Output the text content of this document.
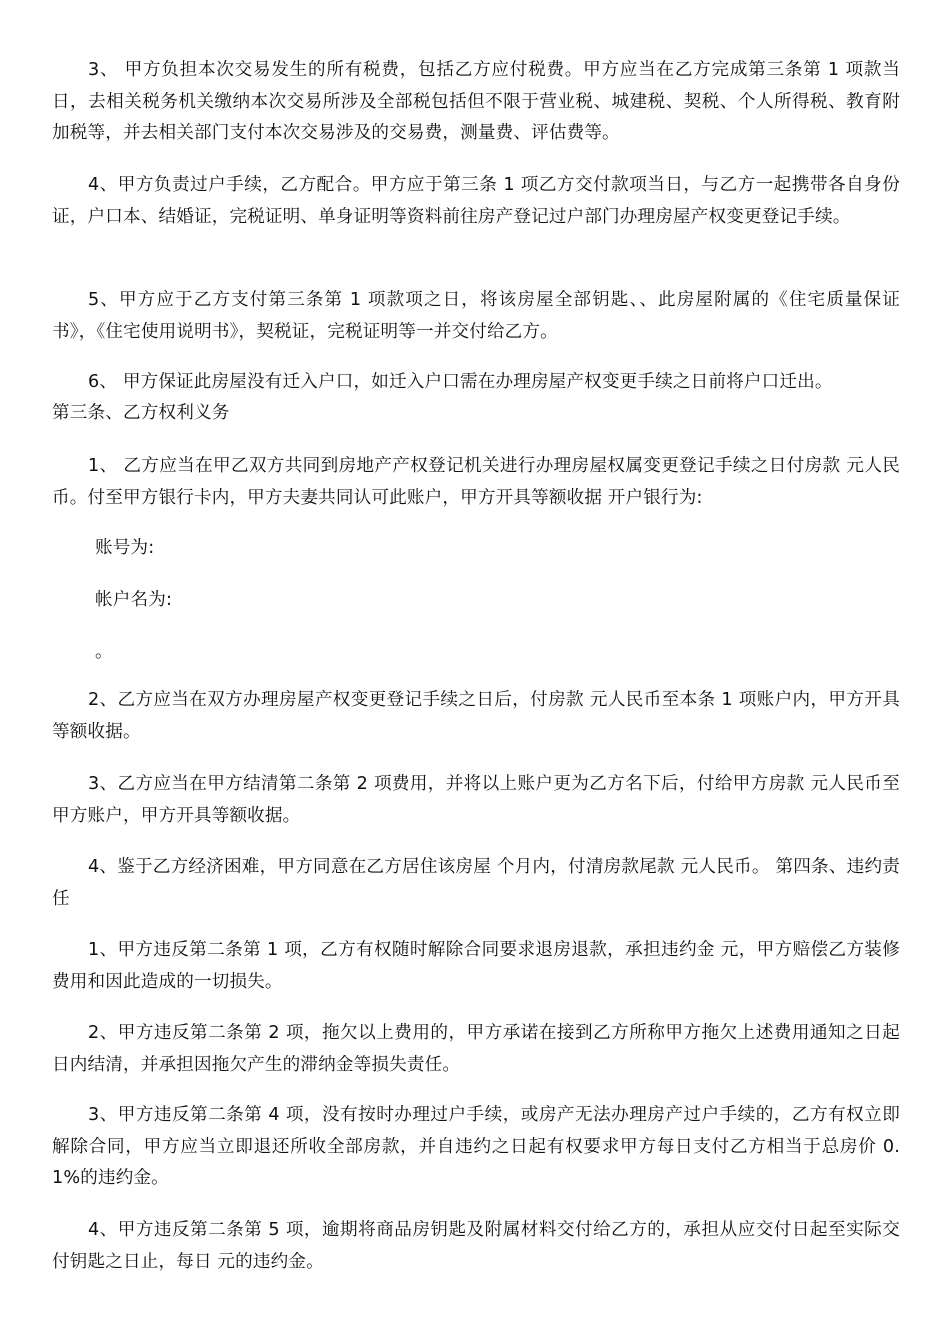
3、 甲方负担本次交易发生的所有税费，包括乙方应付税费。甲方应当在乙方完成第三条第 1 项款当日，去相关税务机关缴纳本次交易所涉及全部税包括但不限于营业税、城建税、契税、个人所得税、教育附加税等，并去相关部门支付本次交易涉及的交易费，测量费、评估费等。

4、甲方负责过户手续，乙方配合。甲方应于第三条 1 项乙方交付款项当日，与乙方一起携带各自身份证，户口本、结婚证，完税证明、单身证明等资料前往房产登记过户部门办理房屋产权变更登记手续。

5、甲方应于乙方支付第三条第 1 项款项之日，将该房屋全部钥匙、、此房屋附属的《住宅质量保证书》，《住宅使用说明书》，契税证，完税证明等一并交付给乙方。

6、 甲方保证此房屋没有迁入户口，如迁入户口需在办理房屋产权变更手续之日前将户口迁出。

第三条、乙方权利义务

1、 乙方应当在甲乙双方共同到房地产产权登记机关进行办理房屋权属变更登记手续之日付房款 元人民币。付至甲方银行卡内，甲方夫妻共同认可此账户，甲方开具等额收据 开户银行为:

账号为:
帐户名为:
。

2、乙方应当在双方办理房屋产权变更登记手续之日后，付房款 元人民币至本条 1 项账户内，甲方开具等额收据。

3、乙方应当在甲方结清第二条第 2 项费用，并将以上账户更为乙方名下后，付给甲方房款 元人民币至甲方账户，甲方开具等额收据。

4、鉴于乙方经济困难，甲方同意在乙方居住该房屋 个月内，付清房款尾款 元人民币。 第四条、违约责任

1、甲方违反第二条第 1 项，乙方有权随时解除合同要求退房退款，承担违约金 元，甲方赔偿乙方装修费用和因此造成的一切损失。

2、甲方违反第二条第 2 项，拖欠以上费用的，甲方承诺在接到乙方所称甲方拖欠上述费用通知之日起 日内结清，并承担因拖欠产生的滞纳金等损失责任。

3、甲方违反第二条第 4 项，没有按时办理过户手续，或房产无法办理房产过户手续的，乙方有权立即解除合同，甲方应当立即退还所收全部房款，并自违约之日起有权要求甲方每日支付乙方相当于总房价 0.1%的违约金。

4、甲方违反第二条第 5 项，逾期将商品房钥匙及附属材料交付给乙方的，承担从应交付日起至实际交付钥匙之日止，每日 元的违约金。
